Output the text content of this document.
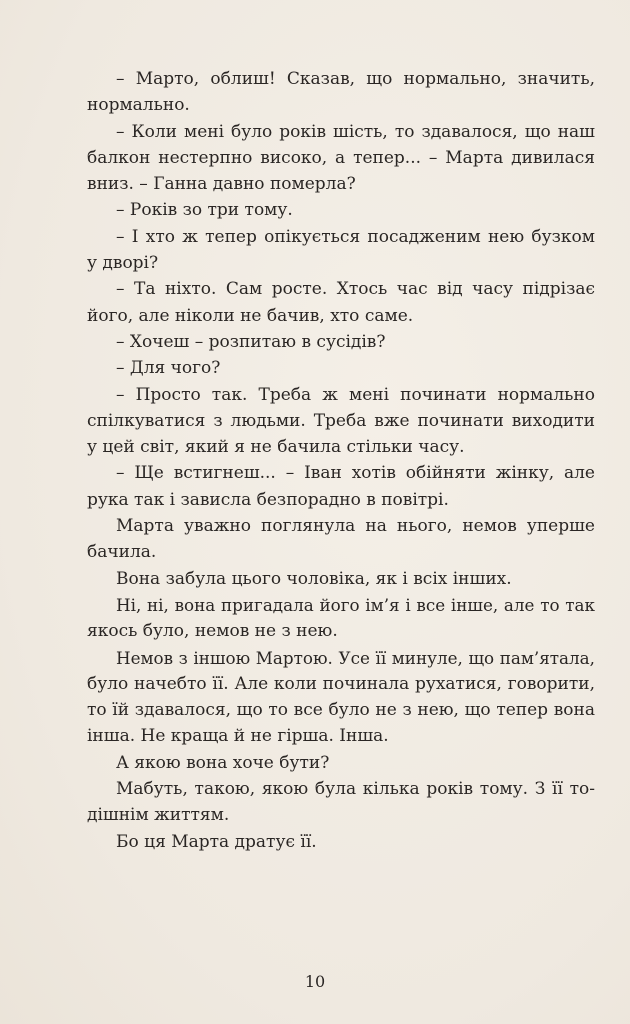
– Марто, облиш! Сказав, що нормально, значить,
нормально.
– Коли мені було років шість, то здавалося, що наш
балкон нестерпно високо, а тепер... – Марта дивилася
вниз. – Ганна давно померла?
– Років зо три тому.
– І хто ж тепер опікується посадженим нею бузком
у дворі?
– Та ніхто. Сам росте. Хтось час від часу підрізає
його, але ніколи не бачив, хто саме.
– Хочеш – розпитаю в сусідів?
– Для чого?
– Просто так. Треба ж мені починати нормально
спілкуватися з людьми. Треба вже починати виходити
у цей світ, який я не бачила стільки часу.
– Ще встигнеш... – Іван хотів обійняти жінку, але
рука так і зависла безпорадно в повітрі.
Марта уважно поглянула на нього, немов уперше
бачила.
Вона забула цього чоловіка, як і всіх інших.
Ні, ні, вона пригадала його ім’я і все інше, але то так
якось було, немов не з нею.
Немов з іншою Мартою. Усе її минуле, що пам’ятала,
було начебто її. Але коли починала рухатися, говорити,
то їй здавалося, що то все було не з нею, що тепер вона
інша. Не краща й не гірша. Інша.
А якою вона хоче бути?
Мабуть, такою, якою була кілька років тому. З її то-
дішнім життям.
Бо ця Марта дратує її.
10
